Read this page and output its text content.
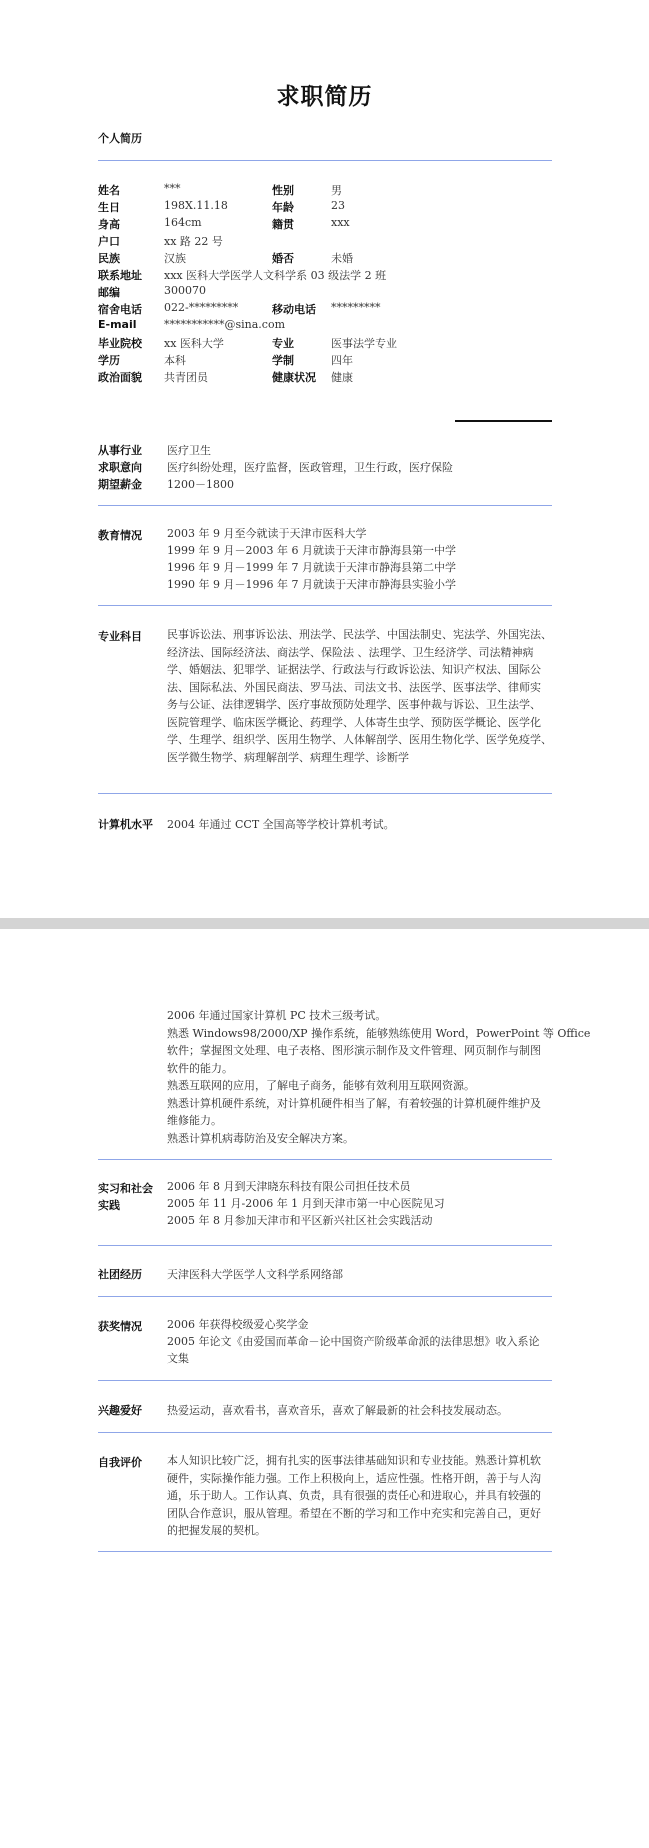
求职简历
个人简历
姓名	***	性别	男
生日	198X.11.18	年龄	23
身高	164cm	籍贯	xxx
户口	xx 路 22 号
民族	汉族	婚否	未婚
联系地址 xxx 医科大学医学人文科学系 03 级法学 2 班
邮编	300070
宿舍电话 022-*********	移动电话 *********
E-mail ***********@sina.com
毕业院校 xx 医科大学	专业	医事法学专业
学历	本科	学制	四年
政治面貌 共青团员	健康状况 健康
从事行业 医疗卫生
求职意向 医疗纠纷处理，医疗监督，医政管理，卫生行政，医疗保险
期望薪金 1200－1800
教育情况 2003 年 9 月至今就读于天津市医科大学
1999 年 9 月－2003 年 6 月就读于天津市静海县第一中学
1996 年 9 月－1999 年 7 月就读于天津市静海县第二中学
1990 年 9 月－1996 年 7 月就读于天津市静海县实验小学
专业科目 民事诉讼法、刑事诉讼法、刑法学、民法学、中国法制史、宪法学、外国宪法、
经济法、国际经济法、商法学、保险法 、法理学、卫生经济学、司法精神病
学、婚姻法、犯罪学、证据法学、行政法与行政诉讼法、知识产权法、国际公
法、国际私法、外国民商法、罗马法、司法文书、法医学、医事法学、律师实
务与公证、法律逻辑学、医疗事故预防处理学、医事仲裁与诉讼、卫生法学、
医院管理学、临床医学概论、药理学、人体寄生虫学、预防医学概论、医学化
学、生理学、组织学、医用生物学、人体解剖学、医用生物化学、医学免疫学、
医学微生物学、病理解剖学、病理生理学、诊断学
计算机水平 2004 年通过 CCT 全国高等学校计算机考试。
2006 年通过国家计算机 PC 技术三级考试。
熟悉 Windows98/2000/XP 操作系统，能够熟练使用 Word，PowerPoint 等 Office
软件；掌握图文处理、电子表格、图形演示制作及文件管理、网页制作与制图
软件的能力。
熟悉互联网的应用，了解电子商务，能够有效利用互联网资源。
熟悉计算机硬件系统，对计算机硬件相当了解，有着较强的计算机硬件维护及
维修能力。
熟悉计算机病毒防治及安全解决方案。
实习和社会
实践
2006 年 8 月到天津晓东科技有限公司担任技术员
2005 年 11 月-2006 年 1 月到天津市第一中心医院见习
2005 年 8 月参加天津市和平区新兴社区社会实践活动
社团经历 天津医科大学医学人文科学系网络部
获奖情况 2006 年获得校级爱心奖学金
2005 年论文《由爱国而革命－论中国资产阶级革命派的法律思想》收入系论
文集
兴趣爱好 热爱运动，喜欢看书，喜欢音乐，喜欢了解最新的社会科技发展动态。
自我评价 本人知识比较广泛，拥有扎实的医事法律基础知识和专业技能。熟悉计算机软
硬件，实际操作能力强。工作上积极向上，适应性强。性格开朗，善于与人沟
通，乐于助人。工作认真、负责，具有很强的责任心和进取心，并具有较强的
团队合作意识，服从管理。希望在不断的学习和工作中充实和完善自己，更好
的把握发展的契机。
